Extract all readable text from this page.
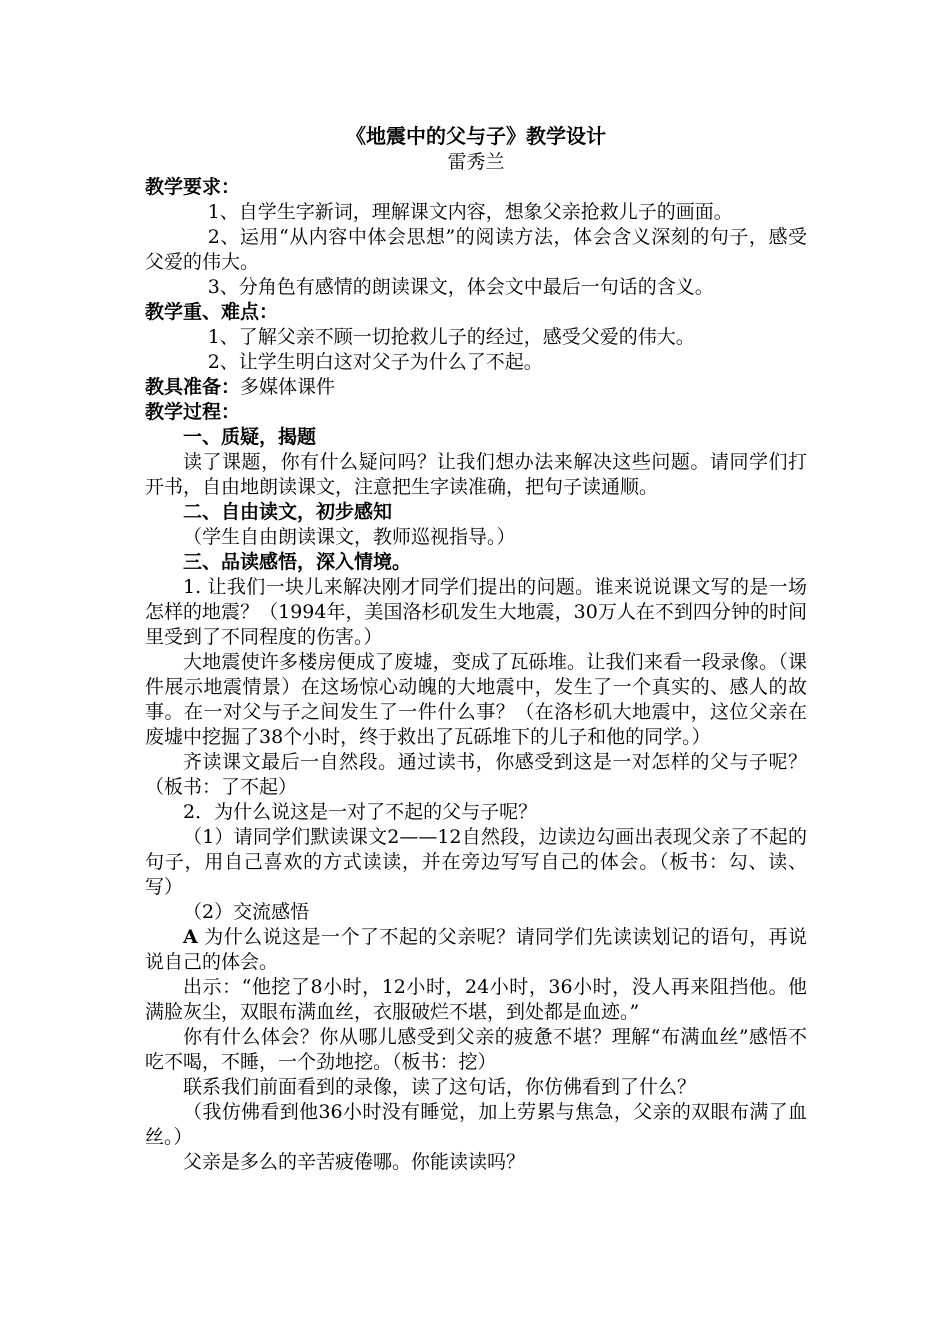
《地震中的父与子》教学设计

雷秀兰

教学要求：

1、自学生字新词，理解课文内容，想象父亲抢救儿子的画面。

2、运用“从内容中体会思想”的阅读方法，体会含义深刻的句子，感受父爱的伟大。

3、分角色有感情的朗读课文，体会文中最后一句话的含义。

教学重、难点：

1、了解父亲不顾一切抢救儿子的经过，感受父爱的伟大。

2、让学生明白这对父子为什么了不起。

教具准备：多媒体课件

教学过程：

一、质疑，揭题

读了课题，你有什么疑问吗？让我们想办法来解决这些问题。请同学们打开书，自由地朗读课文，注意把生字读准确，把句子读通顺。

二、自由读文，初步感知

（学生自由朗读课文，教师巡视指导。）

三、品读感悟，深入情境。

1. 让我们一块儿来解决刚才同学们提出的问题。谁来说说课文写的是一场怎样的地震？（1994年，美国洛杉矶发生大地震，30万人在不到四分钟的时间里受到了不同程度的伤害。）

大地震使许多楼房便成了废墟，变成了瓦砾堆。让我们来看一段录像。（课件展示地震情景）在这场惊心动魄的大地震中，发生了一个真实的、感人的故事。在一对父与子之间发生了一件什么事？（在洛杉矶大地震中，这位父亲在废墟中挖掘了38个小时，终于救出了瓦砾堆下的儿子和他的同学。）

齐读课文最后一自然段。通过读书，你感受到这是一对怎样的父与子呢？（板书：了不起）

2．为什么说这是一对了不起的父与子呢？

（1）请同学们默读课文2——12自然段，边读边勾画出表现父亲了不起的句子，用自己喜欢的方式读读，并在旁边写写自己的体会。（板书：勾、读、写）

（2）交流感悟

A 为什么说这是一个了不起的父亲呢？请同学们先读读划记的语句，再说说自己的体会。

出示：“他挖了8小时，12小时，24小时，36小时，没人再来阻挡他。他满脸灰尘，双眼布满血丝，衣服破烂不堪，到处都是血迹。”

你有什么体会？你从哪儿感受到父亲的疲惫不堪？理解“布满血丝”感悟不吃不喝，不睡，一个劲地挖。（板书：挖）

联系我们前面看到的录像，读了这句话，你仿佛看到了什么？

（我仿佛看到他36小时没有睡觉，加上劳累与焦急，父亲的双眼布满了血丝。）

父亲是多么的辛苦疲倦哪。你能读读吗？
